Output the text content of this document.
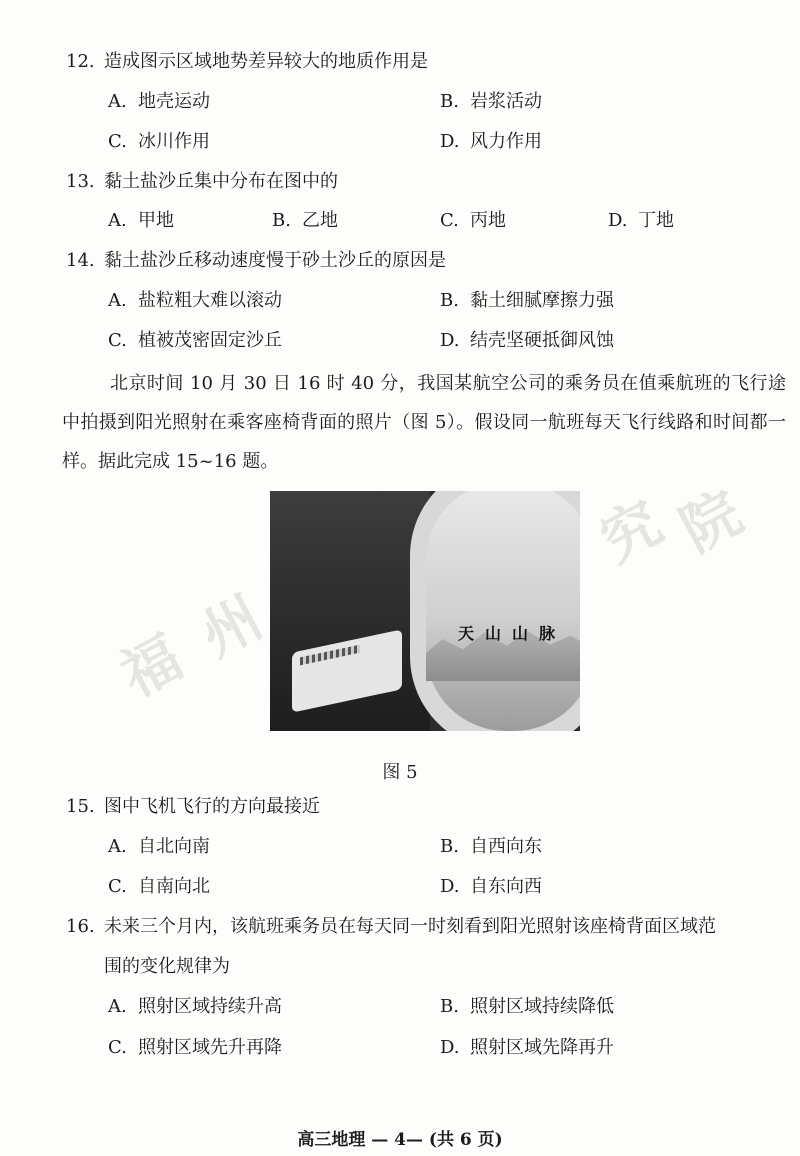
福
州
究
院
12. 造成图示区域地势差异较大的地质作用是
A. 地壳运动	B. 岩浆活动
C. 冰川作用	D. 风力作用
13. 黏土盐沙丘集中分布在图中的
A. 甲地	B. 乙地	C. 丙地	D. 丁地
14. 黏土盐沙丘移动速度慢于砂土沙丘的原因是
A. 盐粒粗大难以滚动	B. 黏土细腻摩擦力强
C. 植被茂密固定沙丘	D. 结壳坚硬抵御风蚀
北京时间 10 月 30 日 16 时 40 分，我国某航空公司的乘务员在值乘航班的飞行途中拍摄到阳光照射在乘客座椅背面的照片（图 5）。假设同一航班每天飞行线路和时间都一样。据此完成 15~16 题。
天山山脉
图 5
15. 图中飞机飞行的方向最接近
A. 自北向南	B. 自西向东
C. 自南向北	D. 自东向西
16. 未来三个月内，该航班乘务员在每天同一时刻看到阳光照射该座椅背面区域范
围的变化规律为
A. 照射区域持续升高	B. 照射区域持续降低
C. 照射区域先升再降	D. 照射区域先降再升
高三地理 — 4— (共 6 页)
